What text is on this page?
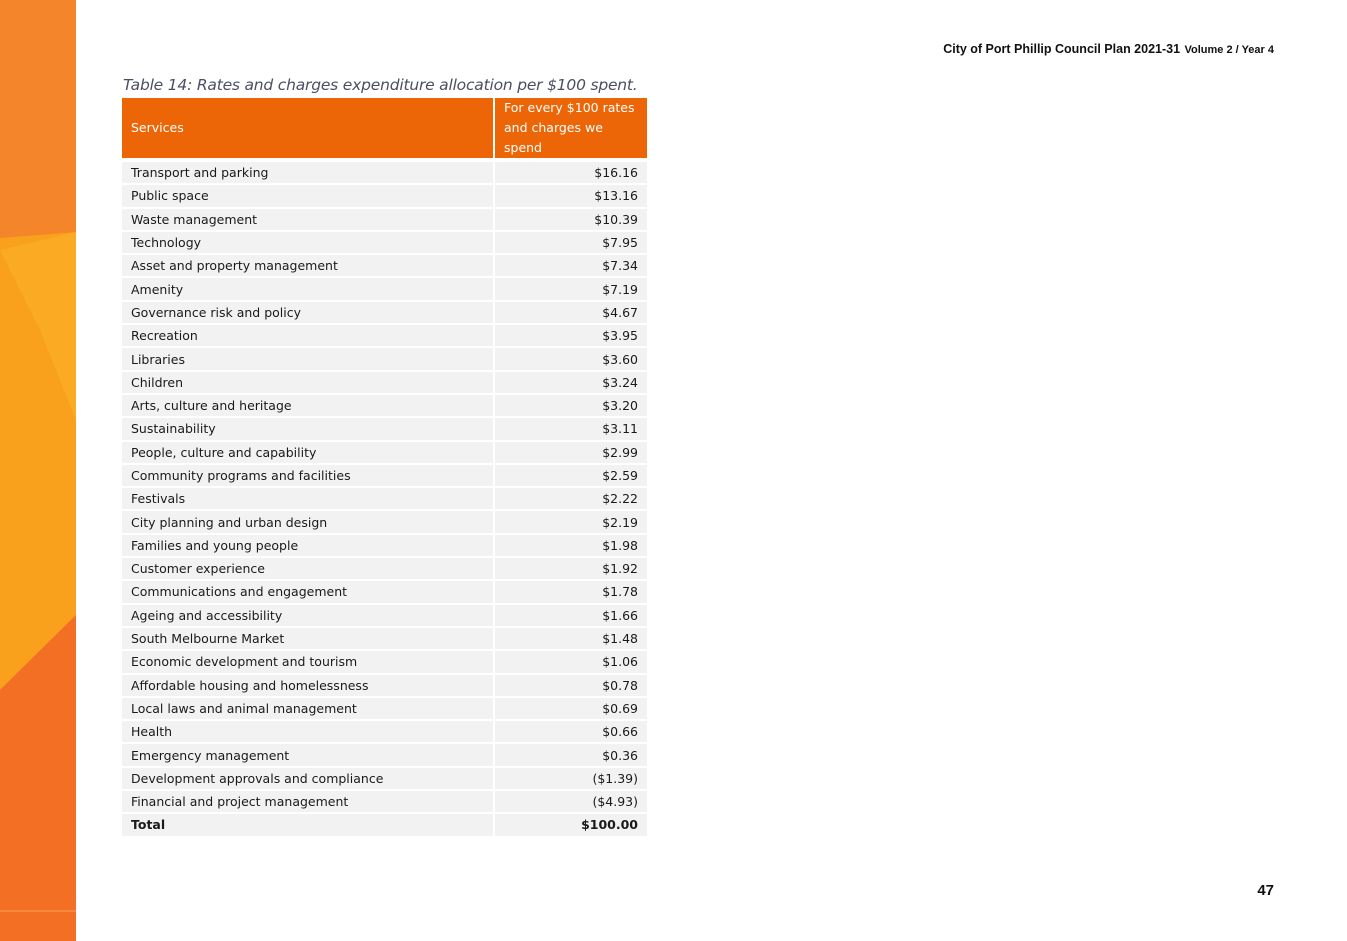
City of Port Phillip Council Plan 2021-31 Volume 2 / Year 4
Table 14: Rates and charges expenditure allocation per $100 spent.
Services	For every $100 rates and charges we spend

Transport and parking	$16.16
Public space	$13.16
Waste management	$10.39
Technology	$7.95
Asset and property management	$7.34
Amenity	$7.19
Governance risk and policy	$4.67
Recreation	$3.95
Libraries	$3.60
Children	$3.24
Arts, culture and heritage	$3.20
Sustainability	$3.11
People, culture and capability	$2.99
Community programs and facilities	$2.59
Festivals	$2.22
City planning and urban design	$2.19
Families and young people	$1.98
Customer experience	$1.92
Communications and engagement	$1.78
Ageing and accessibility	$1.66
South Melbourne Market	$1.48
Economic development and tourism	$1.06
Affordable housing and homelessness	$0.78
Local laws and animal management	$0.69
Health	$0.66
Emergency management	$0.36
Development approvals and compliance	($1.39)
Financial and project management	($4.93)
Total	$100.00
47
